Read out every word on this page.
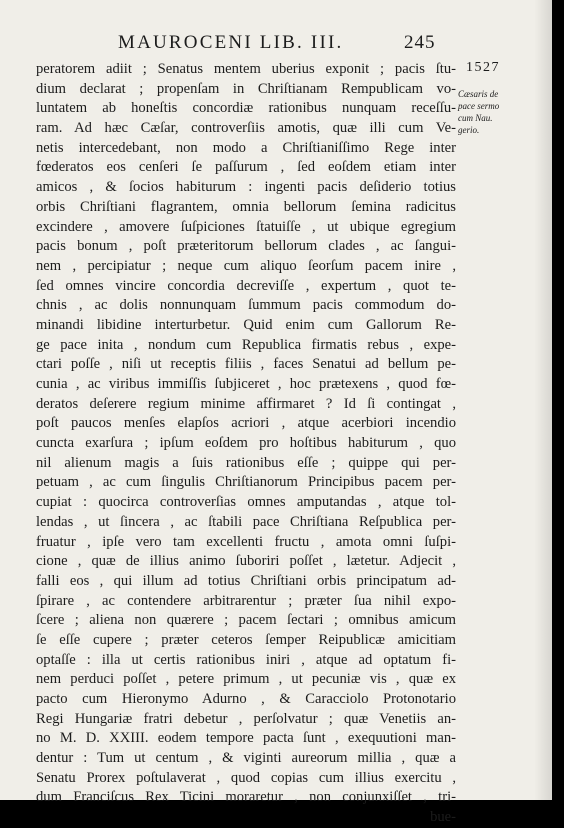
MAUROCENI LIB. III.	245
1527
Cæsaris de
pace sermo
cum Nau.
gerio.
peratorem adiit ; Senatus mentem uberius exponit ; pacis ſtu-
dium declarat ; propenſam in Chriſtianam Rempublicam vo-
luntatem ab honeſtis concordiæ rationibus nunquam receſſu-
ram. Ad hæc Cæſar, controverſiis amotis, quæ illi cum Ve-
netis intercedebant, non modo a Chriſtianiſſimo Rege inter
fœderatos eos cenſeri ſe paſſurum , ſed eoſdem etiam inter
amicos , & ſocios habiturum : ingenti pacis deſiderio totius
orbis Chriſtiani flagrantem, omnia bellorum ſemina radicitus
excindere , amovere ſuſpiciones ſtatuiſſe , ut ubique egregium
pacis bonum , poſt præteritorum bellorum clades , ac ſangui-
nem , percipiatur ; neque cum aliquo ſeorſum pacem inire ,
ſed omnes vincire concordia decreviſſe , expertum , quot te-
chnis , ac dolis nonnunquam ſummum pacis commodum do-
minandi libidine interturbetur. Quid enim cum Gallorum Re-
ge pace inita , nondum cum Republica firmatis rebus , expe-
ctari poſſe , niſi ut receptis filiis , faces Senatui ad bellum pe-
cunia , ac viribus immiſſis ſubjiceret , hoc prætexens , quod fœ-
deratos deſerere regium minime affirmaret ? Id ſi contingat ,
poſt paucos menſes elapſos acriori , atque acerbiori incendio
cuncta exarſura ; ipſum eoſdem pro hoſtibus habiturum , quo
nil alienum magis a ſuis rationibus eſſe ; quippe qui per-
petuam , ac cum ſingulis Chriſtianorum Principibus pacem per-
cupiat : quocirca controverſias omnes amputandas , atque tol-
lendas , ut ſincera , ac ſtabili pace Chriſtiana Reſpublica per-
fruatur , ipſe vero tam excellenti fructu , amota omni ſuſpi-
cione , quæ de illius animo ſuboriri poſſet , lætetur. Adjecit ,
falli eos , qui illum ad totius Chriſtiani orbis principatum ad-
ſpirare , ac contendere arbitrarentur ; præter ſua nihil expo-
ſcere ; aliena non quærere ; pacem ſectari ; omnibus amicum
ſe eſſe cupere ; præter ceteros ſemper Reipublicæ amicitiam
optaſſe : illa ut certis rationibus iniri , atque ad optatum fi-
nem perduci poſſet , petere primum , ut pecuniæ vis , quæ ex
pacto cum Hieronymo Adurno , & Caracciolo Protonotario
Regi Hungariæ fratri debetur , perſolvatur ; quæ Venetiis an-
no M. D. XXIII. eodem tempore pacta ſunt , exequutioni man-
dentur : Tum ut centum , & viginti aureorum millia , quæ a
Senatu Prorex poſtulaverat , quod copias cum illius exercitu ,
dum Franciſcus Rex Ticini moraretur , non conjunxiſſet , tri-
bue-
